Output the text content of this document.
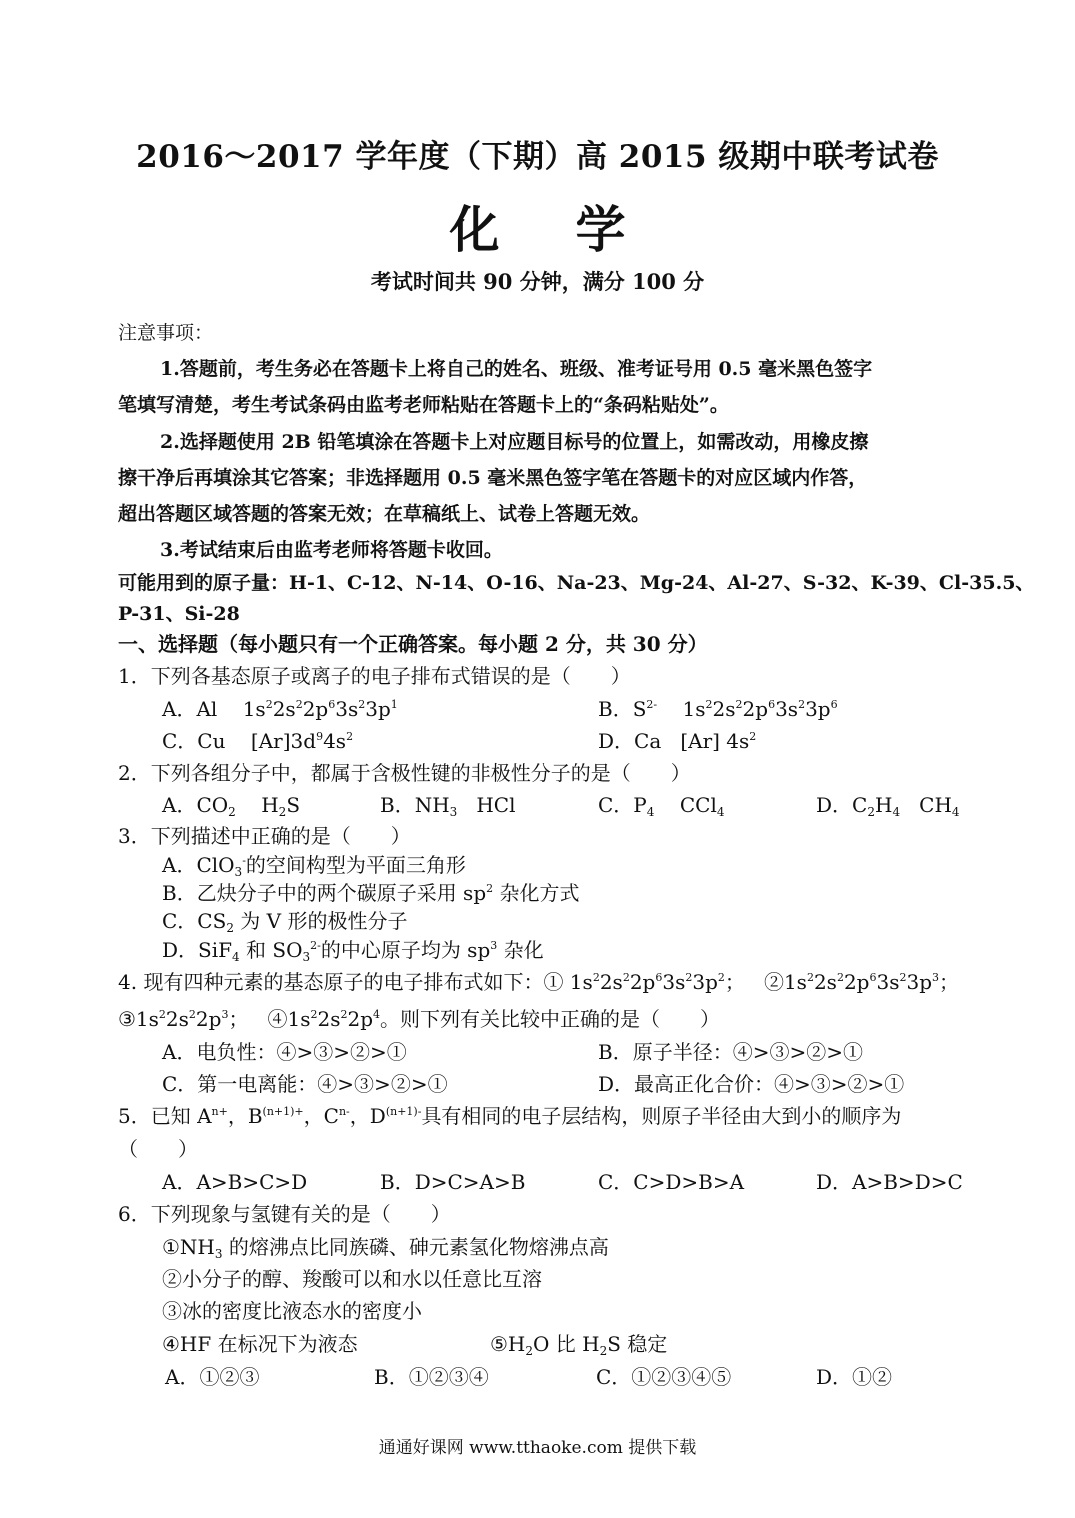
2016～2017 学年度（下期）高 2015 级期中联考试卷
化 学
考试时间共 90 分钟，满分 100 分
注意事项：
1.答题前，考生务必在答题卡上将自己的姓名、班级、准考证号用 0.5 毫米黑色签字
笔填写清楚，考生考试条码由监考老师粘贴在答题卡上的“条码粘贴处”。
2.选择题使用 2B 铅笔填涂在答题卡上对应题目标号的位置上，如需改动，用橡皮擦
擦干净后再填涂其它答案；非选择题用 0.5 毫米黑色签字笔在答题卡的对应区域内作答，
超出答题区域答题的答案无效；在草稿纸上、试卷上答题无效。
3.考试结束后由监考老师将答题卡收回。
可能用到的原子量：H-1、C-12、N-14、O-16、Na-23、Mg-24、Al-27、S-32、K-39、Cl-35.5、
P-31、Si-28
一、选择题（每小题只有一个正确答案。每小题 2 分，共 30 分）
1．下列各基态原子或离子的电子排布式错误的是（　　）
A．Al    $1s^22s^22p^63s^23p^1$	B．$S^{2-}$    $1s^22s^22p^63s^23p^6$
C．Cu    $[Ar]3d^94s^2$	D．Ca   [Ar] $4s^2$
2．下列各组分子中，都属于含极性键的非极性分子的是（　　）
A．$CO_2$    $H_2S$	B．$NH_3$   HCl	C．$P_4$    CCl$_4$	D．$C_2H_4$   $CH_4$
3．下列描述中正确的是（　　）
A．ClO$_3$-的空间构型为平面三角形
B．乙炔分子中的两个碳原子采用 $sp^2$ 杂化方式
C．$CS_2$ 为 V 形的极性分子
D．SiF$_4$ 和 $SO_3^{2-}$的中心原子均为 $sp^3$ 杂化
4. 现有四种元素的基态原子的电子排布式如下：① $1s^22s^22p^63s^23p^2$；   $②1s^22s^22p^63s^23p^3$；
$③1s^22s^22p^3$；   $④1s^22s^22p^4$。则下列有关比较中正确的是（　　）
A．电负性：④>③>②>①	B．原子半径：④>③>②>①
C．第一电离能：④>③>②>①	D．最高正化合价：④>③>②>①
5．已知 $A^{n+}$，$B^{(n+1)+}$，$C^{n-}$，$D^{(n+1)-}$具有相同的电子层结构，则原子半径由大到小的顺序为
（　　）
A．A>B>C>D	B．D>C>A>B	C．C>D>B>A	D．A>B>D>C
6．下列现象与氢键有关的是（　　）
$①NH_3$ 的熔沸点比同族磷、砷元素氢化物熔沸点高
②小分子的醇、羧酸可以和水以任意比互溶
③冰的密度比液态水的密度小
④HF 在标况下为液态	$⑤H_2O$ 比 $H_2S$ 稳定
A．①②③	B．①②③④	C．①②③④⑤	D．①②
通通好课网 www.tthaoke.com 提供下载
